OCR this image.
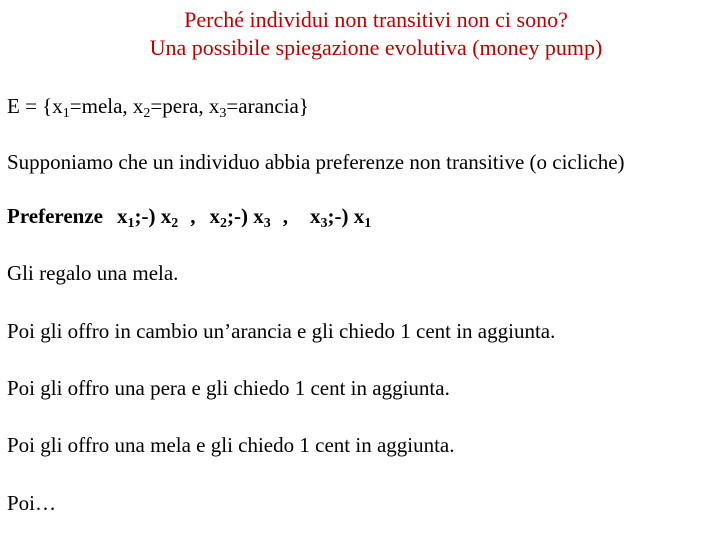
Perché individui non transitivi non ci sono?
Una possibile spiegazione evolutiva (money pump)
$E = \{x_1=mela$, $x_2=pera$, $x_3=arancia$}
Supponiamo che un individuo abbia preferenze non transitive (o cicliche)
Preferenze $x_1;-$) $x_2$ , $x_2;-$) $x_3$ , $x_3;-$) $x_1$
Gli regalo una mela.
Poi gli offro in cambio un’arancia e gli chiedo 1 cent in aggiunta.
Poi gli offro una pera e gli chiedo 1 cent in aggiunta.
Poi gli offro una mela e gli chiedo 1 cent in aggiunta.
Poi…
